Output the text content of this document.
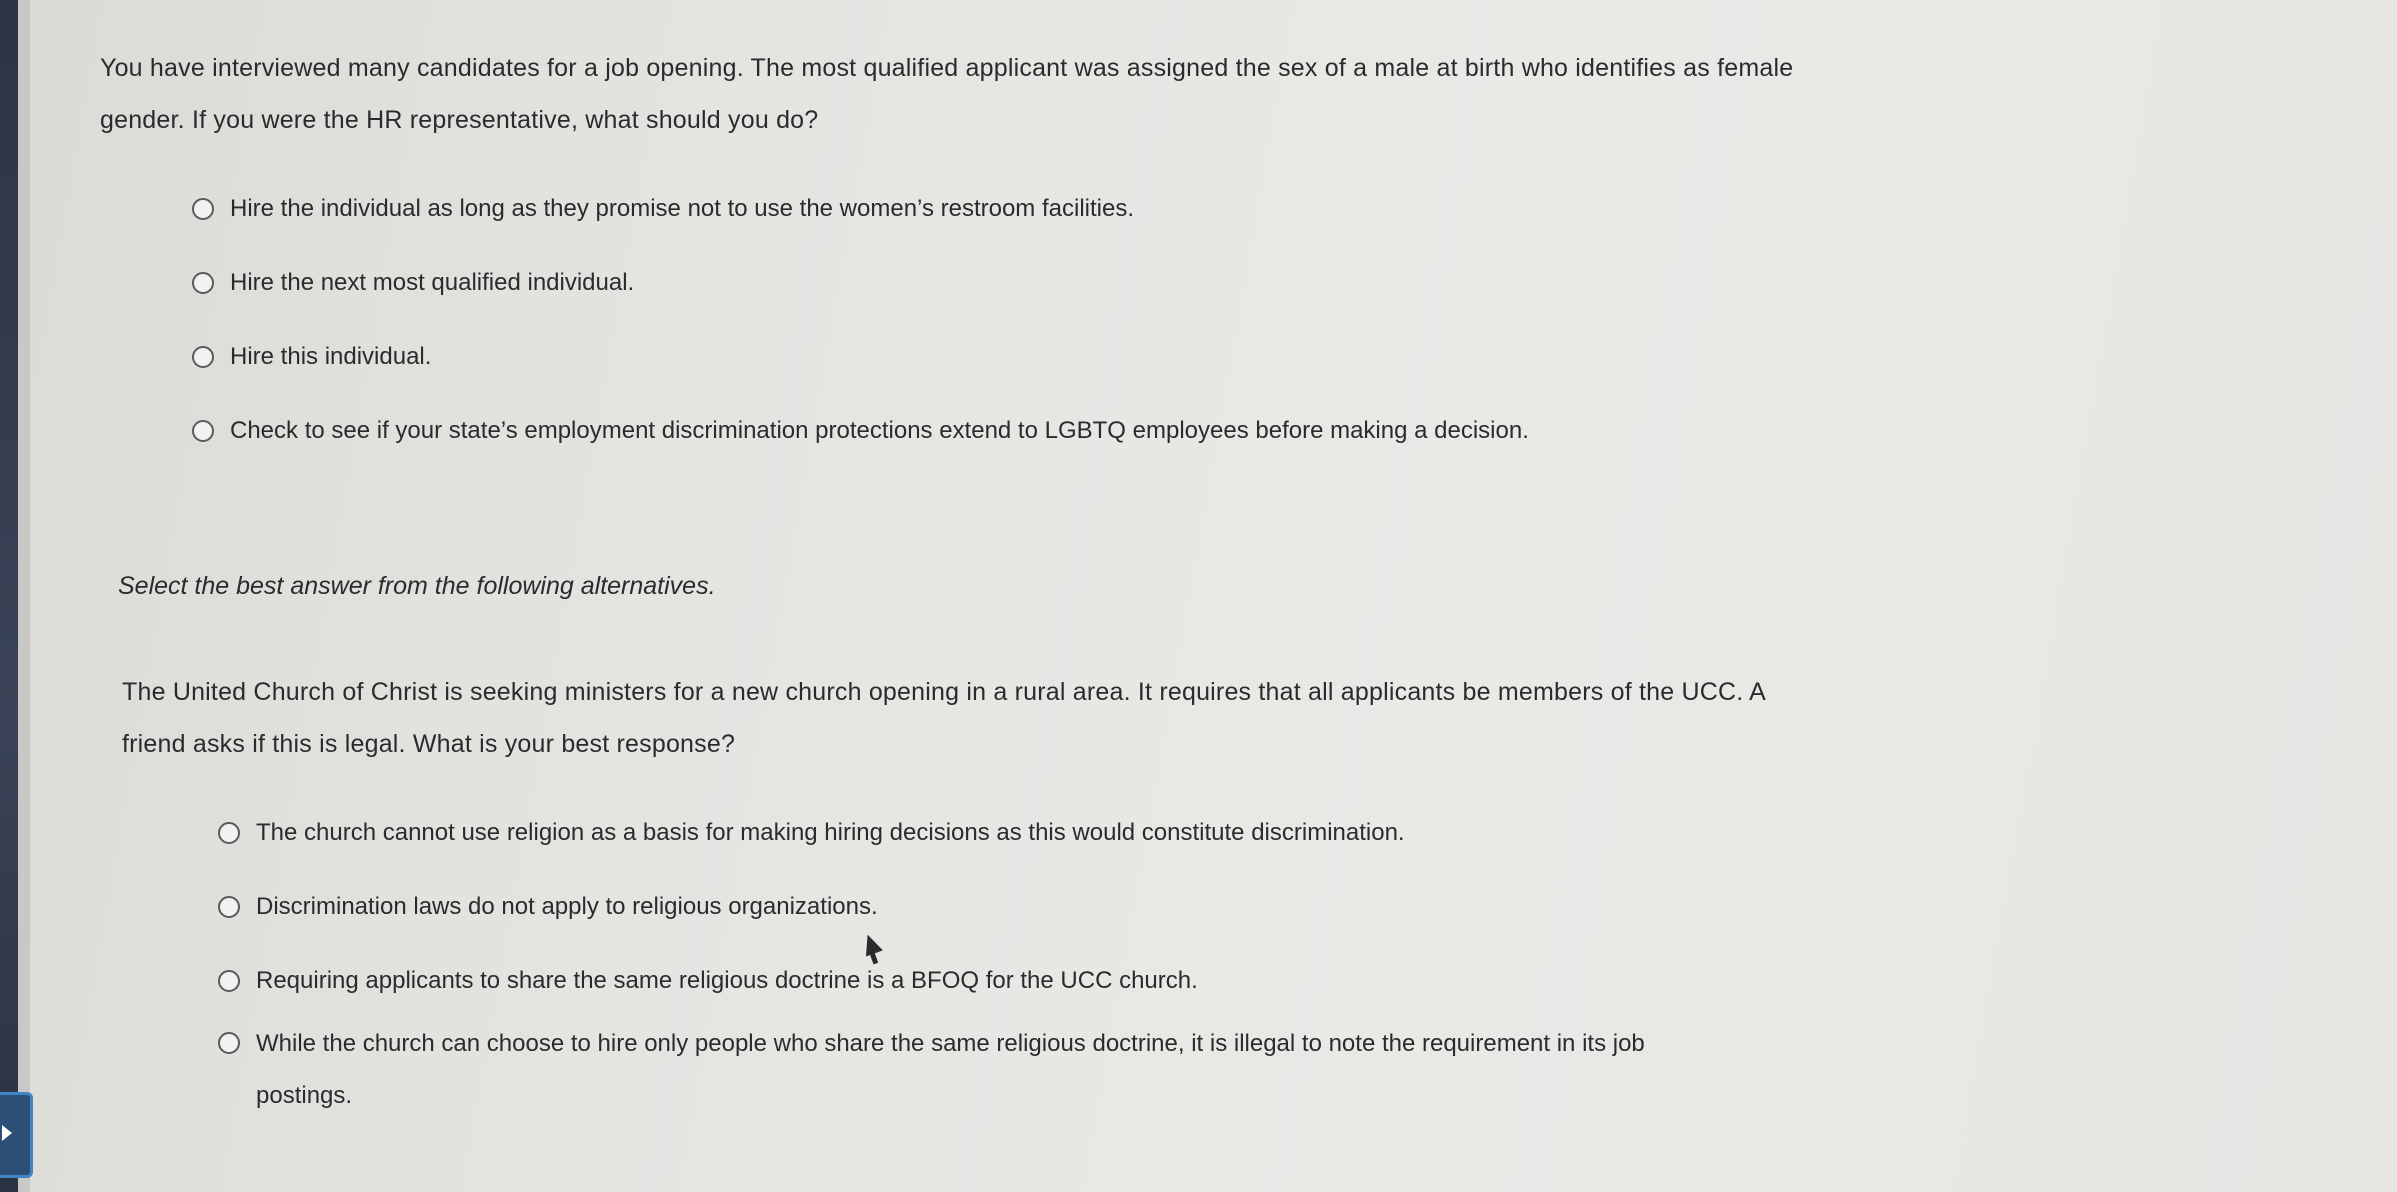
You have interviewed many candidates for a job opening. The most qualified applicant was assigned the sex of a male at birth who identifies as female
gender. If you were the HR representative, what should you do?

Hire the individual as long as they promise not to use the women’s restroom facilities.
Hire the next most qualified individual.
Hire this individual.
Check to see if your state’s employment discrimination protections extend to LGBTQ employees before making a decision.
Select the best answer from the following alternatives.

The United Church of Christ is seeking ministers for a new church opening in a rural area. It requires that all applicants be members of the UCC. A
friend asks if this is legal. What is your best response?

The church cannot use religion as a basis for making hiring decisions as this would constitute discrimination.
Discrimination laws do not apply to religious organizations.
Requiring applicants to share the same religious doctrine is a BFOQ for the UCC church.
While the church can choose to hire only people who share the same religious doctrine, it is illegal to note the requirement in its job
postings.
